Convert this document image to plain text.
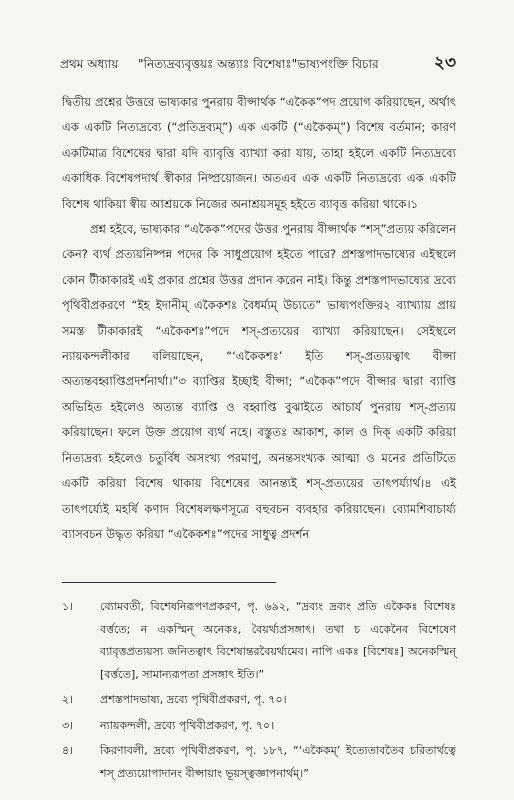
প্রথম অধ্যায়	"নিত্যদ্রব্যবৃত্তয়ঃ অন্ত্যাঃ বিশেষাঃ"ভাষ্যপংক্তি বিচার	২৩

দ্বিতীয় প্রশ্নের উত্তরে ভাষ্যকার পুনরায় বীপ্সার্থক “একৈক”পদ প্রয়োগ করিয়াছেন, অর্থাৎ এক একটি নিত্যদ্রব্যে (“প্রতিদ্রব্যম্”) এক একটি (“একৈকম্”) বিশেষ বর্তমান; কারণ একটিমাত্র বিশেষের দ্বারা যদি ব্যাবৃত্তি ব্যাখ্যা করা যায়, তাহা হইলে একটি নিত্যদ্রব্যে একাধিক বিশেষপদার্থ স্বীকার নিষ্প্রয়োজন। অতএব এক একটি নিত্যদ্রব্যে এক একটি বিশেষ থাকিয়া স্বীয় আশ্রয়কে নিজের অনাশ্রয়সমূহ হইতে ব্যাবৃত্ত করিয়া থাকে।১

প্রশ্ন হইবে, ভাষ্যকার “একৈক”পদের উত্তর পুনরায় বীপ্সার্থক “শস্”প্রত্যয় করিলেন কেন? ব্যর্থ প্রত্যয়নিষ্পন্ন পদের কি সাধুপ্রয়োগ হইতে পারে? প্রশস্তপাদভাষ্যের এইস্থলে কোন টীকাকারই এই প্রকার প্রশ্নের উত্তর প্রদান করেন নাই। কিন্তু প্রশস্তপাদভাষ্যের দ্রব্যে পৃথিবীপ্রকরণে “ইহ ইদানীম্ একৈকশঃ বৈধর্ম্যম্ উচ্যতে” ভাষ্যপংক্তির২ ব্যাখ্যায় প্রায় সমস্ত টীকাকারই “একৈকশঃ”পদে শস্-প্রত্যয়ের ব্যাখ্যা করিয়াছেন। সেইস্থলে ন্যায়কন্দলীকার বলিয়াছেন, “‘একৈকশঃ’ ইতি শস্-প্রত্যয়ত্বাৎ বীপ্সা অত্যন্তবহ্বাপ্তিপ্রদর্শনার্থা।”৩ ব্যাপ্তির ইচ্ছাই বীপ্সা; “একৈক”পদে বীপ্সার দ্বারা ব্যাপ্তি অভিহিত হইলেও অত্যন্ত ব্যাপ্তি ও বহ্বাপ্তি বুঝাইতে আচার্য পুনরায় শস্-প্রত্যয় করিয়াছেন। ফলে উক্ত প্রয়োগ ব্যর্থ নহে। বস্তুতঃ আকাশ, কাল ও দিক্ একটি করিয়া নিত্যদ্রব্য হইলেও চতুর্বিধ অসংখ্য পরমাণু, অনন্তসংখ্যক আত্মা ও মনের প্রতিটিতে একটি করিয়া বিশেষ থাকায় বিশেষের আনন্ত্যই শস্-প্রত্যয়ের তাৎপর্য্যার্থ।৪ এই তাৎপর্য্যেই মহর্ষি কণাদ বিশেষলক্ষণসূত্রে বহুবচন ব্যবহার করিয়াছেন। ব্যোমশিবাচার্য্য ব্যাসবচন উদ্ধৃত করিয়া “একৈকশঃ”পদের সাধুত্ব প্রদর্শন

১।	ব্যোমবতী, বিশেষনিরূপণপ্রকরণ, পৃ. ৬৯২, “দ্রব্যং দ্রব্যং প্রতি একৈকঃ বিশেষঃ বর্ত্ততে; ন একস্মিন্ অনেকঃ, বৈয়র্থ্যপ্রসঙ্গাৎ। তথা চ একেনৈব বিশেষেণ ব্যাবৃত্তপ্রত্যয়স্য জনিতত্বাৎ বিশেষান্তরবৈয়র্থ্যমেব। নাপি একঃ [বিশেষঃ] অনেকস্মিন্ [বর্ত্ততে], সামান্যরূপতা প্রসঙ্গাৎ ইতি।”
২।	প্রশস্তপাদভাষ্য, দ্রব্যে পৃথিবীপ্রকরণ, পৃ. ৭০।
৩।	ন্যায়কন্দলী, দ্রব্যে পৃথিবীপ্রকরণ, পৃ. ৭০।
৪।	কিরণাবলী, দ্রব্যে পৃথিবীপ্রকরণ, পৃ. ১৮৭, “‘একৈকম্’ ইত্যেতাবতৈব চরিতার্থত্বে শস্ প্রত্যয়োপাদানং বীপ্সায়াং ভূয়স্ত্বজ্ঞাপনার্থম্।”
